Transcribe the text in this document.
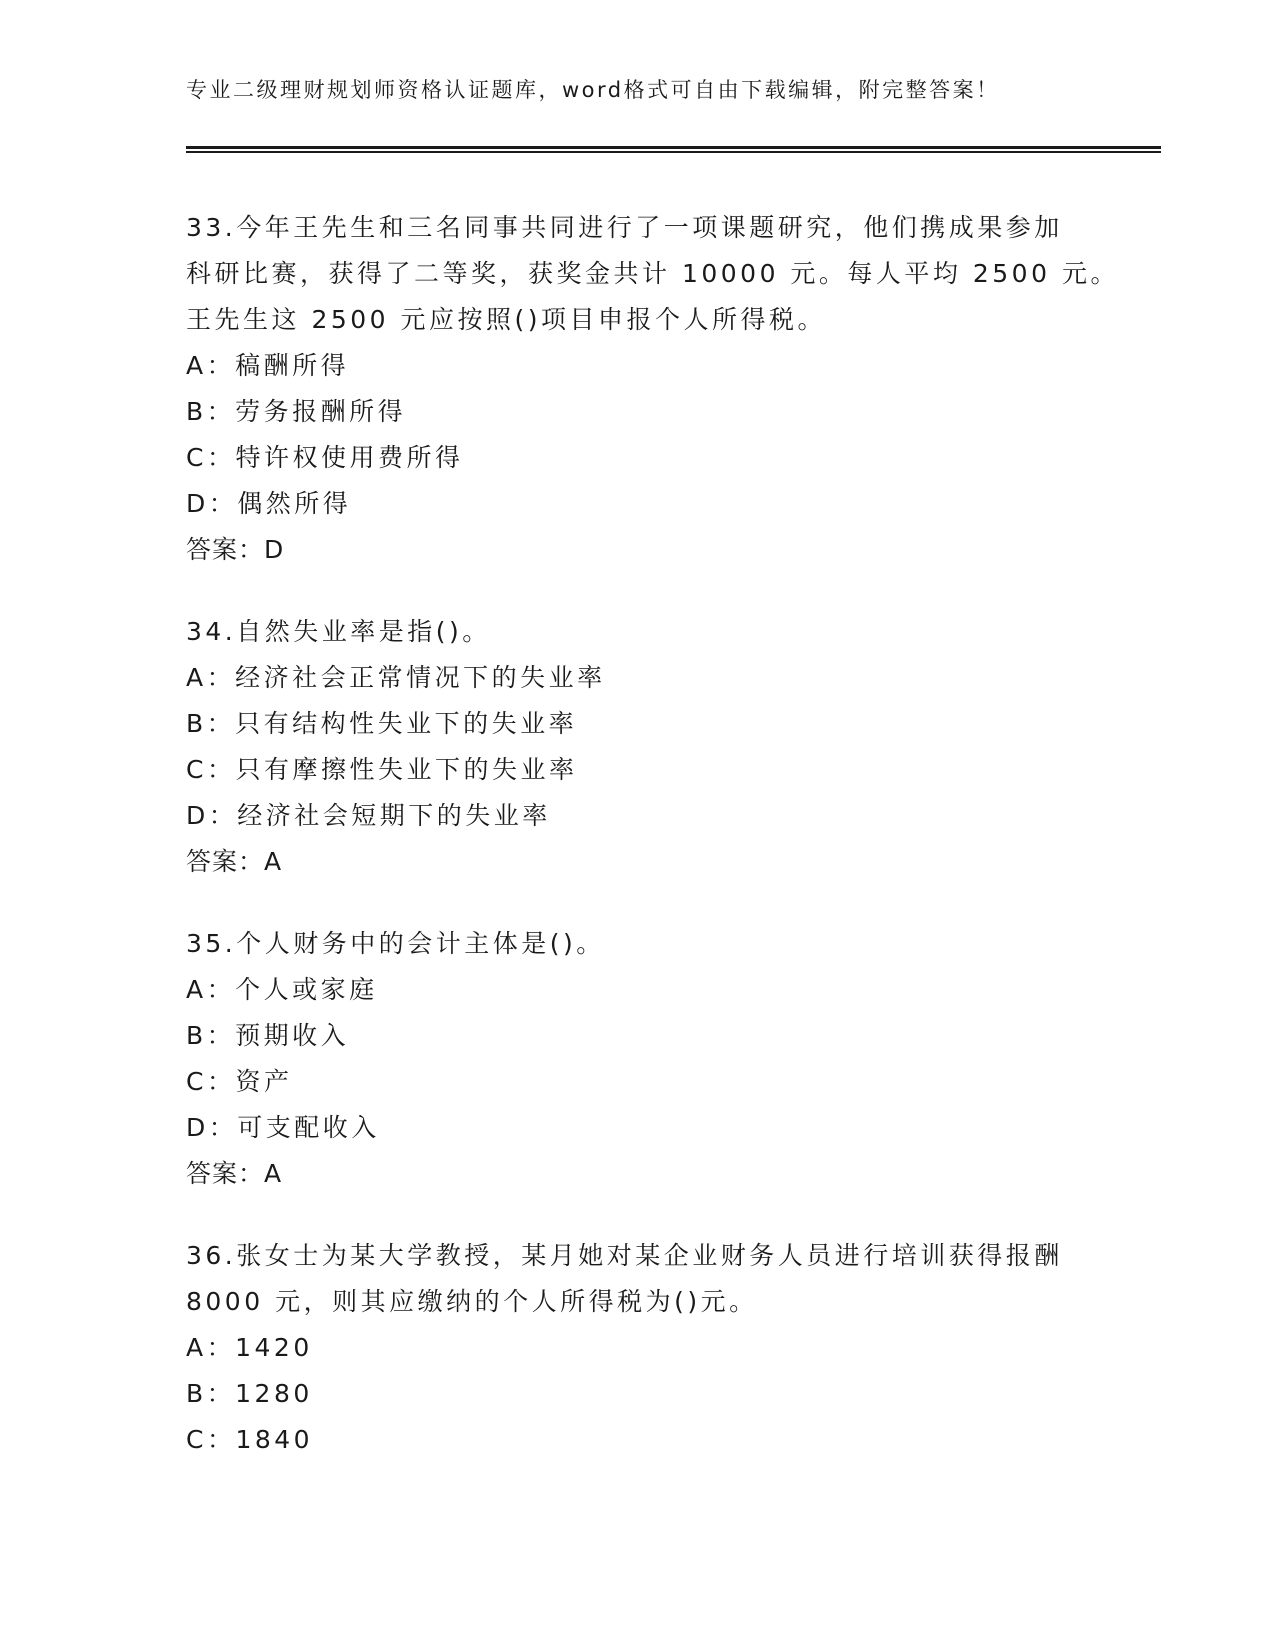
专业二级理财规划师资格认证题库，word格式可自由下载编辑，附完整答案！
33.今年王先生和三名同事共同进行了一项课题研究，他们携成果参加
科研比赛，获得了二等奖，获奖金共计 10000 元。每人平均 2500 元。
王先生这 2500 元应按照()项目申报个人所得税。
A：稿酬所得
B：劳务报酬所得
C：特许权使用费所得
D：偶然所得
答案：D
34.自然失业率是指()。
A：经济社会正常情况下的失业率
B：只有结构性失业下的失业率
C：只有摩擦性失业下的失业率
D：经济社会短期下的失业率
答案：A
35.个人财务中的会计主体是()。
A：个人或家庭
B：预期收入
C：资产
D：可支配收入
答案：A
36.张女士为某大学教授，某月她对某企业财务人员进行培训获得报酬
8000 元，则其应缴纳的个人所得税为()元。
A：1420
B：1280
C：1840
